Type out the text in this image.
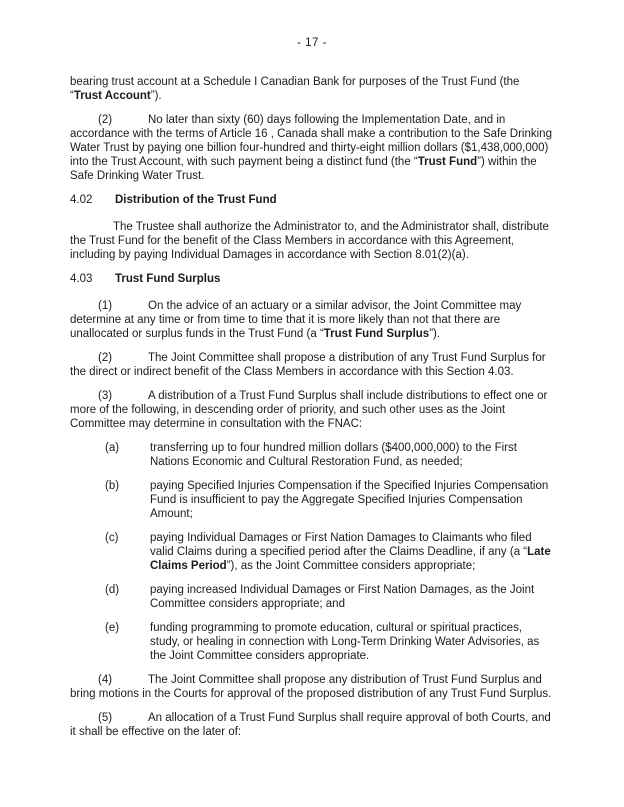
- 17 -

bearing trust account at a Schedule I Canadian Bank for purposes of the Trust Fund (the “Trust Account”).

(2)	No later than sixty (60) days following the Implementation Date, and in accordance with the terms of Article 16 , Canada shall make a contribution to the Safe Drinking Water Trust by paying one billion four-hundred and thirty-eight million dollars ($1,438,000,000) into the Trust Account, with such payment being a distinct fund (the “Trust Fund”) within the Safe Drinking Water Trust.

4.02 Distribution of the Trust Fund

The Trustee shall authorize the Administrator to, and the Administrator shall, distribute the Trust Fund for the benefit of the Class Members in accordance with this Agreement, including by paying Individual Damages in accordance with Section 8.01(2)(a).

4.03 Trust Fund Surplus

(1)	On the advice of an actuary or a similar advisor, the Joint Committee may determine at any time or from time to time that it is more likely than not that there are unallocated or surplus funds in the Trust Fund (a “Trust Fund Surplus”).

(2)	The Joint Committee shall propose a distribution of any Trust Fund Surplus for the direct or indirect benefit of the Class Members in accordance with this Section 4.03.

(3)	A distribution of a Trust Fund Surplus shall include distributions to effect one or more of the following, in descending order of priority, and such other uses as the Joint Committee may determine in consultation with the FNAC:

(a)	transferring up to four hundred million dollars ($400,000,000) to the First Nations Economic and Cultural Restoration Fund, as needed;
(b)	paying Specified Injuries Compensation if the Specified Injuries Compensation Fund is insufficient to pay the Aggregate Specified Injuries Compensation Amount;
(c)	paying Individual Damages or First Nation Damages to Claimants who filed valid Claims during a specified period after the Claims Deadline, if any (a “Late Claims Period”), as the Joint Committee considers appropriate;
(d)	paying increased Individual Damages or First Nation Damages, as the Joint Committee considers appropriate; and
(e)	funding programming to promote education, cultural or spiritual practices, study, or healing in connection with Long-Term Drinking Water Advisories, as the Joint Committee considers appropriate.

(4)	The Joint Committee shall propose any distribution of Trust Fund Surplus and bring motions in the Courts for approval of the proposed distribution of any Trust Fund Surplus.

(5)	An allocation of a Trust Fund Surplus shall require approval of both Courts, and it shall be effective on the later of:
